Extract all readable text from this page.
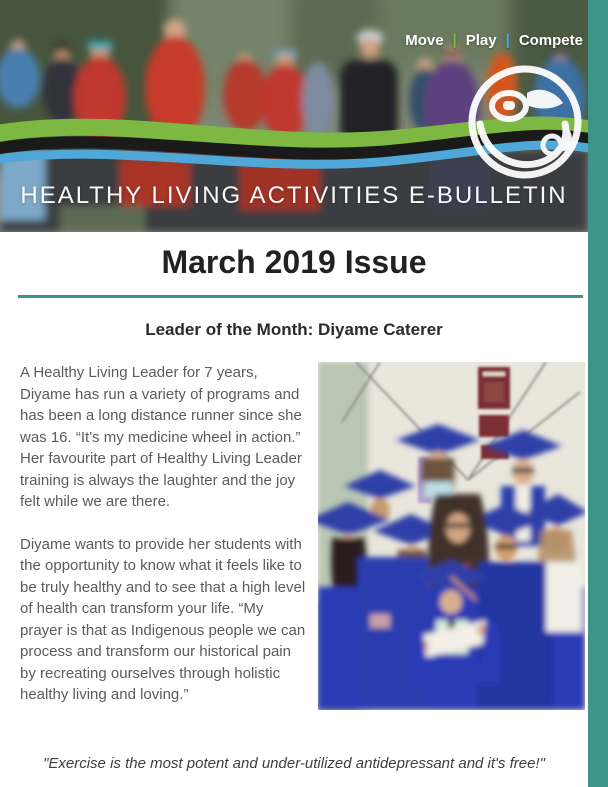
Move | Play | Compete
HEALTHY LIVING ACTIVITIES E-BULLETIN
March 2019 Issue
Leader of the Month: Diyame Caterer

A Healthy Living Leader for 7 years, Diyame has run a variety of programs and has been a long distance runner since she was 16. “It's my medicine wheel in action.” Her favourite part of Healthy Living Leader training is always the laughter and the joy felt while we are there.

Diyame wants to provide her students with the opportunity to know what it feels like to be truly healthy and to see that a high level of health can transform your life. “My prayer is that as Indigenous people we can process and transform our historical pain by recreating ourselves through holistic healthy living and loving.”

"Exercise is the most potent and under-utilized antidepressant and it's free!"
